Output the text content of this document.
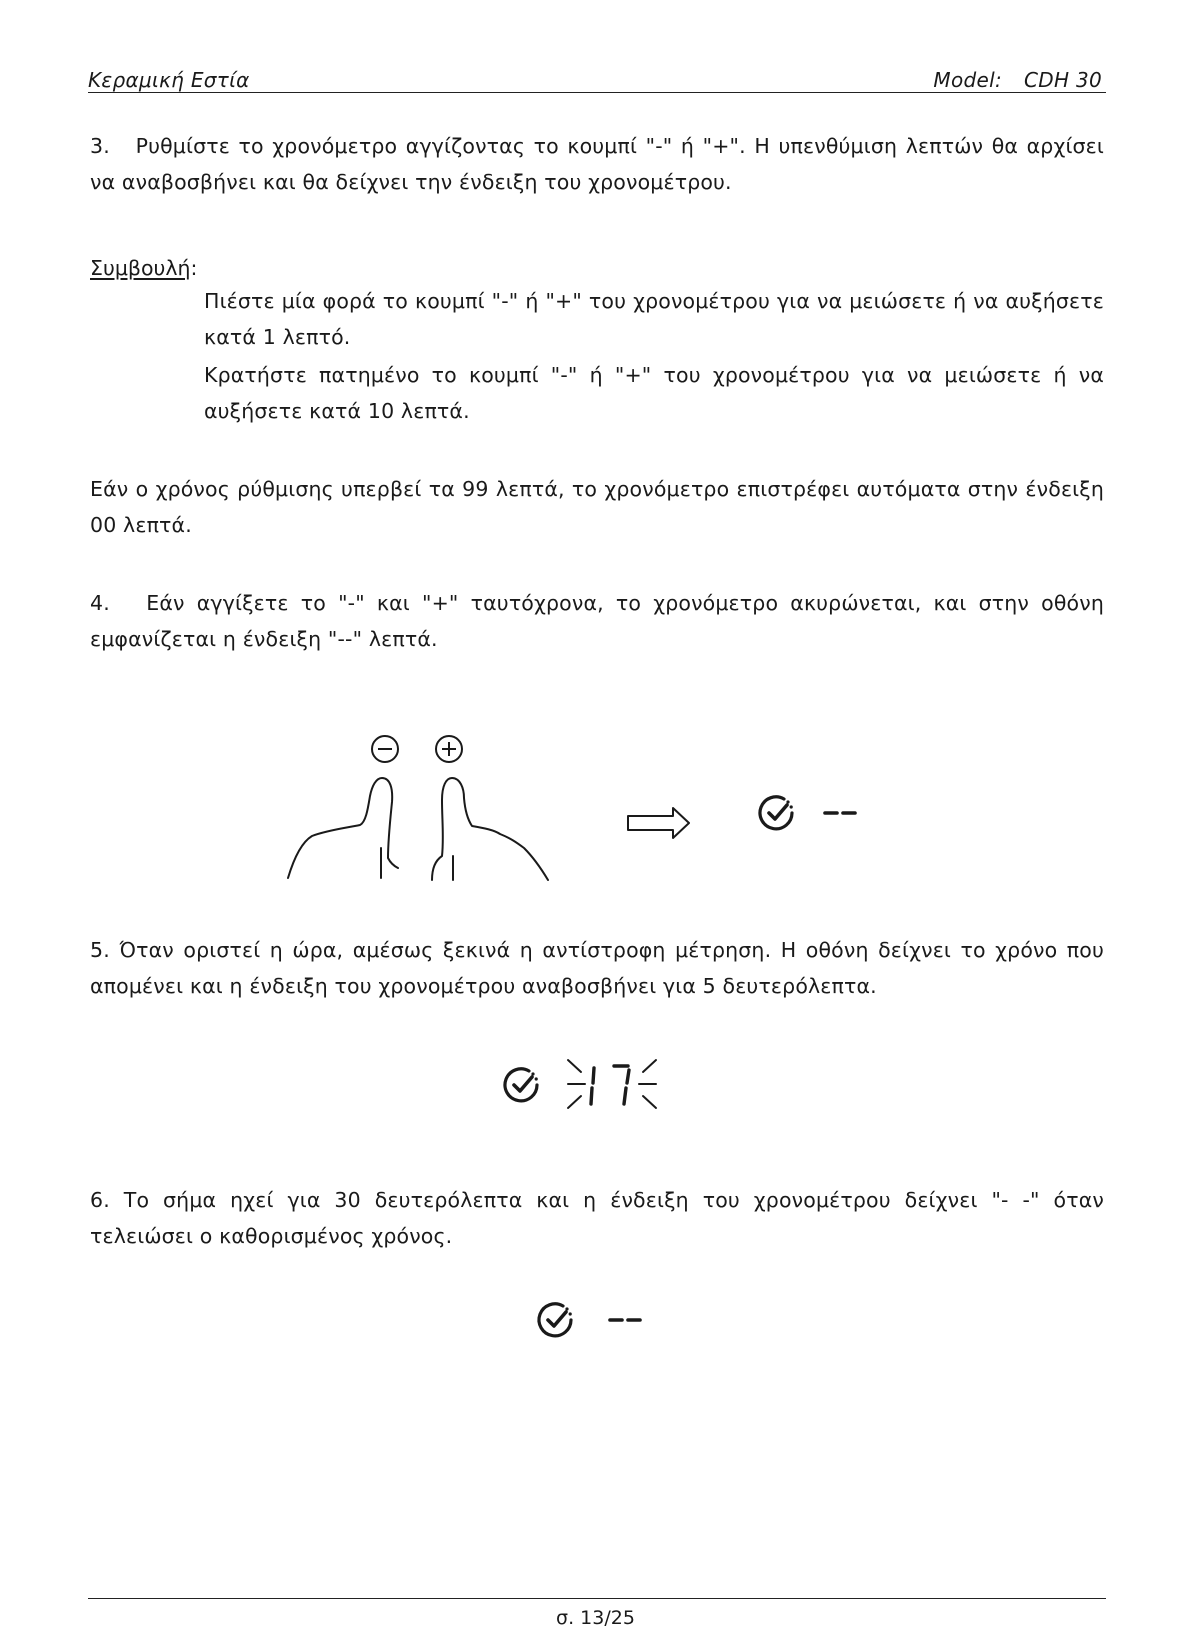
Κεραμική Εστία	Model: CDH 30

3.   Ρυθμίστε το χρονόμετρο αγγίζοντας το κουμπί "-" ή "+". Η υπενθύμιση λεπτών θα αρχίσει να αναβοσβήνει και θα δείχνει την ένδειξη του χρονομέτρου.

Συμβουλή:

Πιέστε μία φορά το κουμπί "-" ή "+" του χρονομέτρου για να μειώσετε ή να αυξήσετε κατά 1 λεπτό.

Κρατήστε πατημένο το κουμπί "-" ή "+" του χρονομέτρου για να μειώσετε ή να αυξήσετε κατά 10 λεπτά.

Εάν ο χρόνος ρύθμισης υπερβεί τα 99 λεπτά, το χρονόμετρο επιστρέφει αυτόματα στην ένδειξη 00 λεπτά.

4.   Εάν αγγίξετε το "-" και "+" ταυτόχρονα, το χρονόμετρο ακυρώνεται, και στην οθόνη εμφανίζεται η ένδειξη "--" λεπτά.

5. Όταν οριστεί η ώρα, αμέσως ξεκινά η αντίστροφη μέτρηση. Η οθόνη δείχνει το χρόνο που απομένει και η ένδειξη του χρονομέτρου αναβοσβήνει για 5 δευτερόλεπτα.

17

6. Το σήμα ηχεί για 30 δευτερόλεπτα και η ένδειξη του χρονομέτρου δείχνει "- -" όταν τελειώσει ο καθορισμένος χρόνος.

σ. 13/25
